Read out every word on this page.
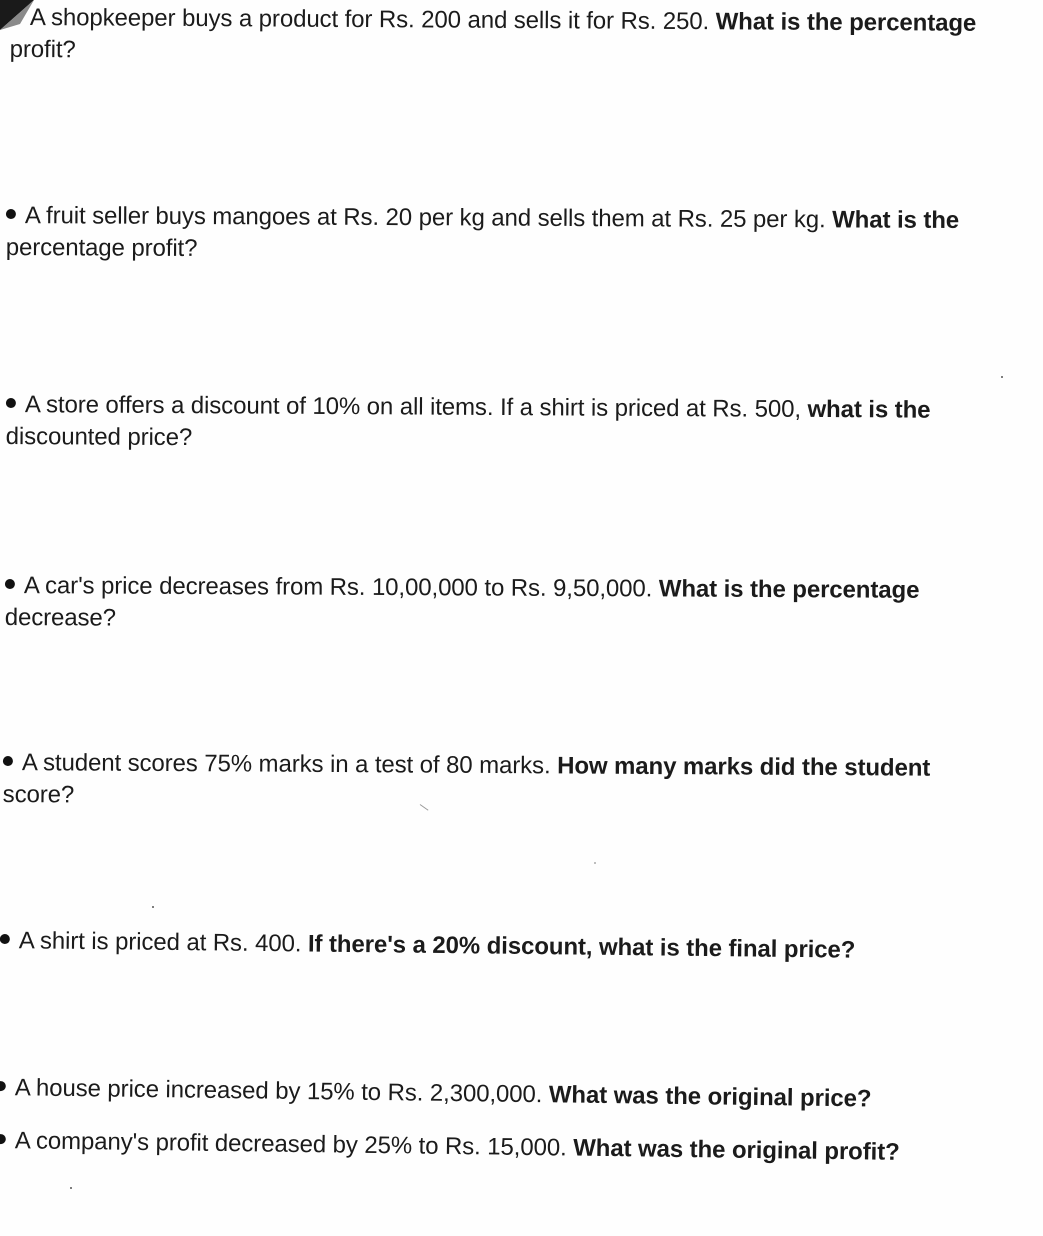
A shopkeeper buys a product for Rs. 200 and sells it for Rs. 250. What is the percentage
profit?
A fruit seller buys mangoes at Rs. 20 per kg and sells them at Rs. 25 per kg. What is the
percentage profit?
A store offers a discount of 10% on all items. If a shirt is priced at Rs. 500, what is the
discounted price?
A car's price decreases from Rs. 10,00,000 to Rs. 9,50,000. What is the percentage
decrease?
A student scores 75% marks in a test of 80 marks. How many marks did the student
score?
A shirt is priced at Rs. 400. If there's a 20% discount, what is the final price?
A house price increased by 15% to Rs. 2,300,000. What was the original price?
A company's profit decreased by 25% to Rs. 15,000. What was the original profit?
